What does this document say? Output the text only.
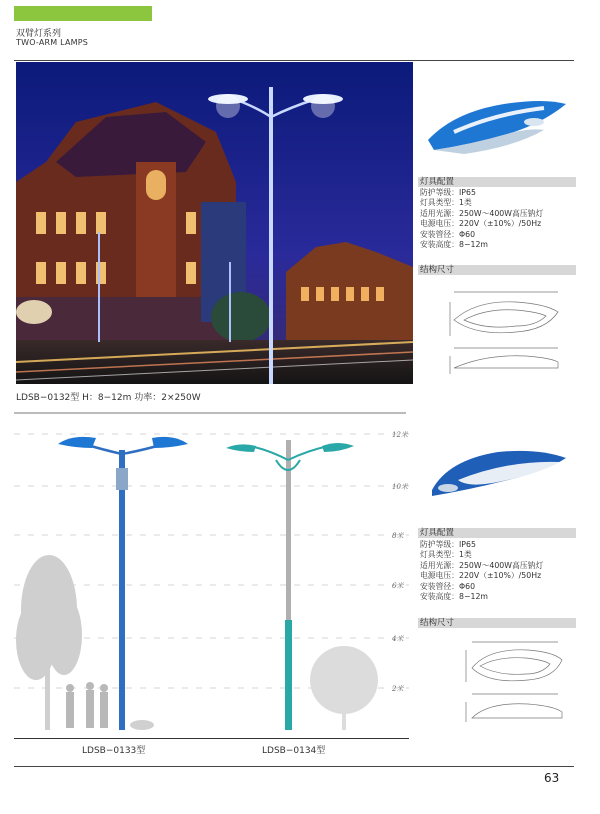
双臂灯系列
TWO-ARM LAMPS
LDSB−0132型 H：8−12m 功率：2×250W
灯具配置
防护等级：IP65
灯具类型：1类
适用光源：250W～400W高压钠灯
电源电压：220V（±10%）/50Hz
安装管径：Φ60
安装高度：8−12m
结构尺寸
12米
10米
8米
6米
4米
2米
LDSB−0133型	LDSB−0134型
灯具配置
防护等级：IP65
灯具类型：1类
适用光源：250W～400W高压钠灯
电源电压：220V（±10%）/50Hz
安装管径：Φ60
安装高度：8−12m
结构尺寸
63
